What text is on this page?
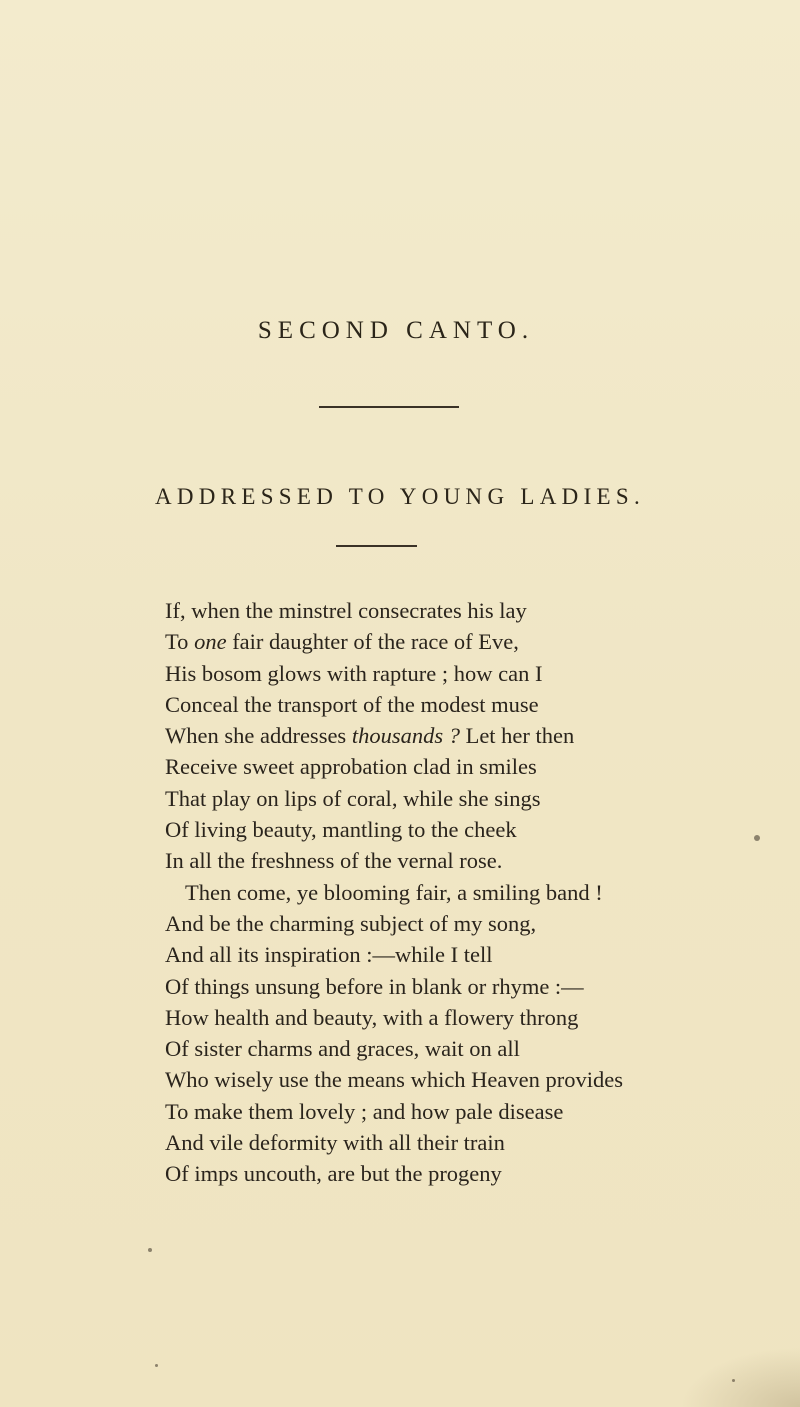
SECOND CANTO.
ADDRESSED TO YOUNG LADIES.
If, when the minstrel consecrates his lay
To one fair daughter of the race of Eve,
His bosom glows with rapture ; how can I
Conceal the transport of the modest muse
When she addresses thousands ? Let her then
Receive sweet approbation clad in smiles
That play on lips of coral, while she sings
Of living beauty, mantling to the cheek
In all the freshness of the vernal rose.
Then come, ye blooming fair, a smiling band !
And be the charming subject of my song,
And all its inspiration :—while I tell
Of things unsung before in blank or rhyme :—
How health and beauty, with a flowery throng
Of sister charms and graces, wait on all
Who wisely use the means which Heaven provides
To make them lovely ; and how pale disease
And vile deformity with all their train
Of imps uncouth, are but the progeny
